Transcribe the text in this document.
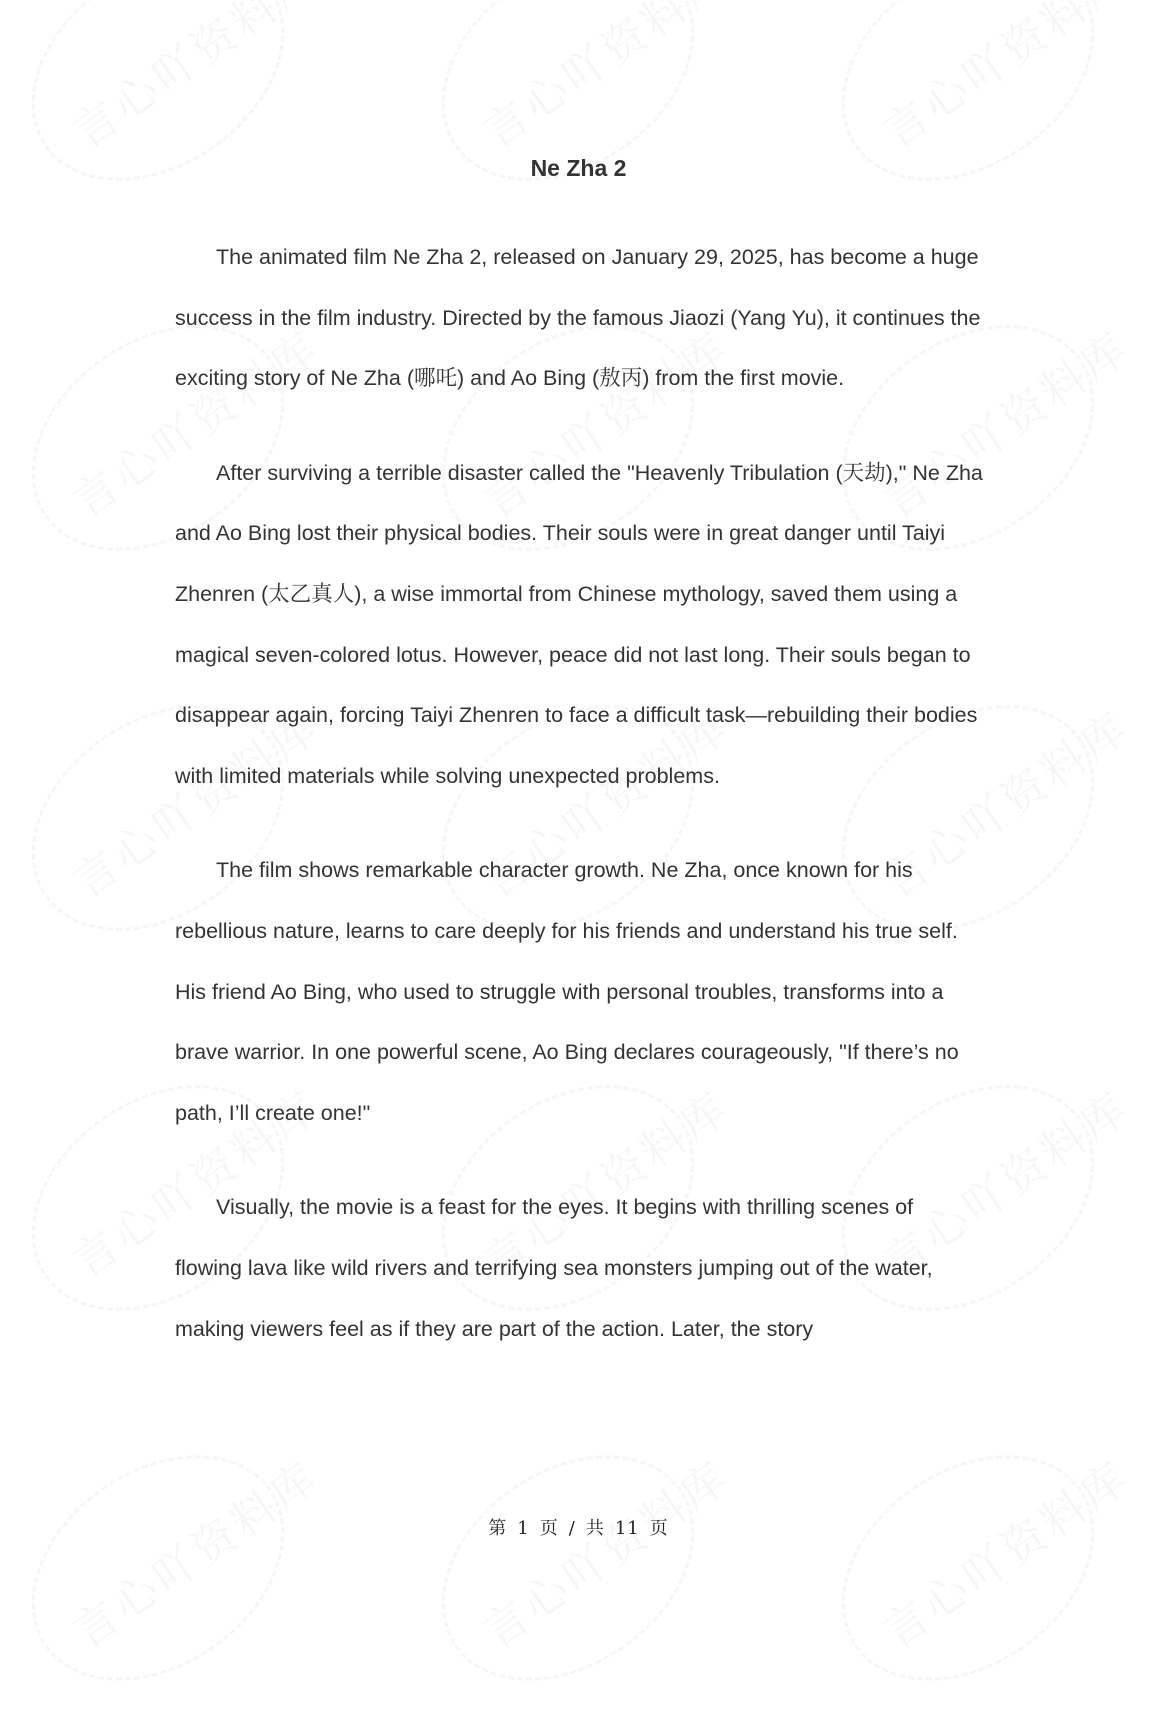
Ne Zha 2

The animated film Ne Zha 2, released on January 29, 2025, has become a huge success in the film industry. Directed by the famous Jiaozi (Yang Yu), it continues the exciting story of Ne Zha (哪吒) and Ao Bing (敖丙) from the first movie.

After surviving a terrible disaster called the "Heavenly Tribulation (天劫)," Ne Zha and Ao Bing lost their physical bodies. Their souls were in great danger until Taiyi Zhenren (太乙真人), a wise immortal from Chinese mythology, saved them using a magical seven-colored lotus. However, peace did not last long. Their souls began to disappear again, forcing Taiyi Zhenren to face a difficult task—rebuilding their bodies with limited materials while solving unexpected problems.

The film shows remarkable character growth. Ne Zha, once known for his rebellious nature, learns to care deeply for his friends and understand his true self. His friend Ao Bing, who used to struggle with personal troubles, transforms into a brave warrior. In one powerful scene, Ao Bing declares courageously, "If there’s no path, I’ll create one!"

Visually, the movie is a feast for the eyes. It begins with thrilling scenes of flowing lava like wild rivers and terrifying sea monsters jumping out of the water, making viewers feel as if they are part of the action. Later, the story

第 1 页 / 共 11 页
